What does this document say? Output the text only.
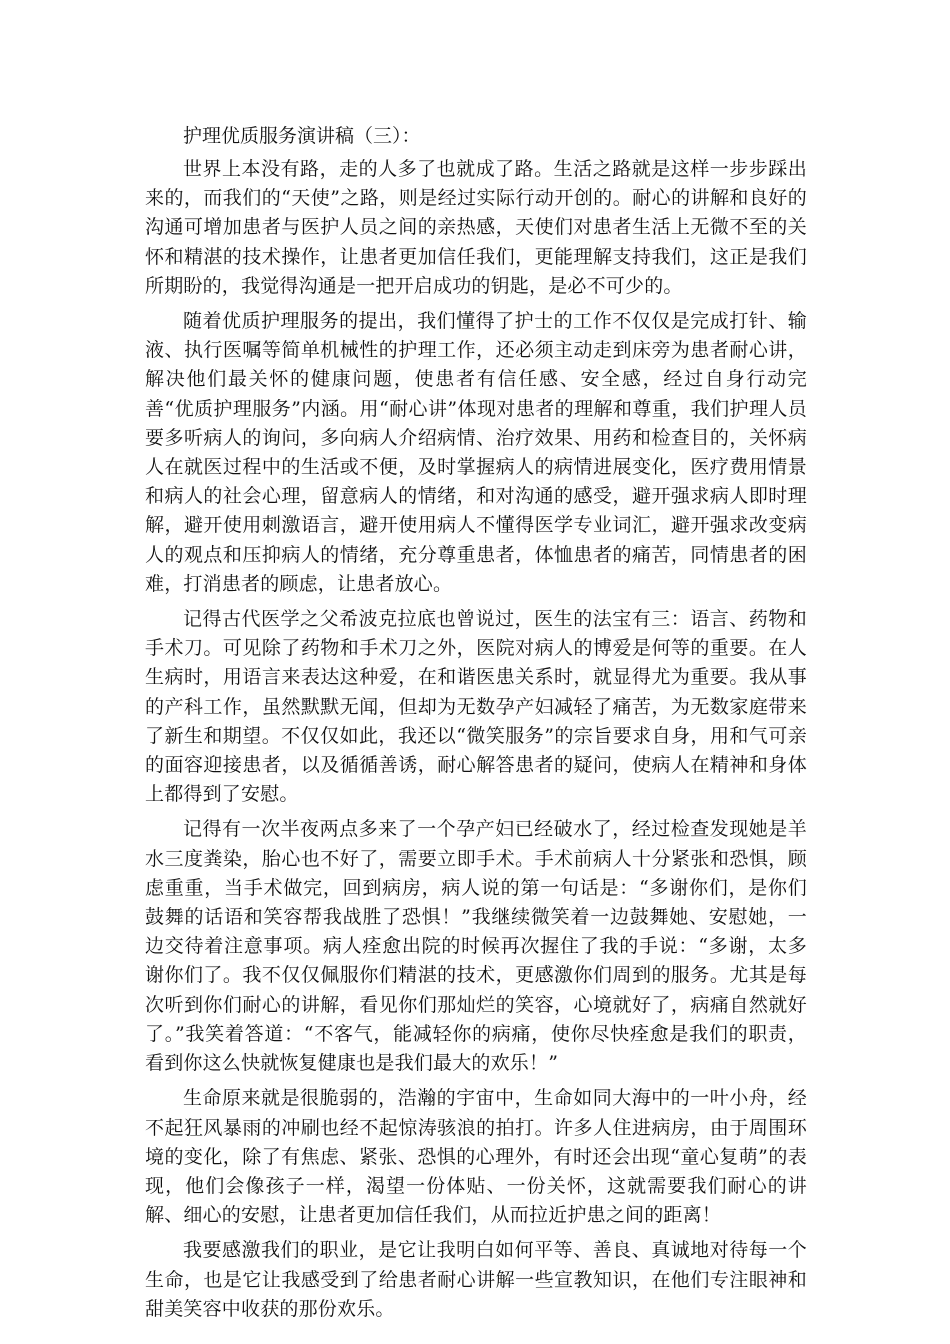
护理优质服务演讲稿（三）：

世界上本没有路，走的人多了也就成了路。生活之路就是这样一步步踩出来的，而我们的“天使”之路，则是经过实际行动开创的。耐心的讲解和良好的沟通可增加患者与医护人员之间的亲热感，天使们对患者生活上无微不至的关怀和精湛的技术操作，让患者更加信任我们，更能理解支持我们，这正是我们所期盼的，我觉得沟通是一把开启成功的钥匙，是必不可少的。

随着优质护理服务的提出，我们懂得了护士的工作不仅仅是完成打针、输液、执行医嘱等简单机械性的护理工作，还必须主动走到床旁为患者耐心讲，解决他们最关怀的健康问题，使患者有信任感、安全感，经过自身行动完善“优质护理服务”内涵。用“耐心讲”体现对患者的理解和尊重，我们护理人员要多听病人的询问，多向病人介绍病情、治疗效果、用药和检查目的，关怀病人在就医过程中的生活或不便，及时掌握病人的病情进展变化，医疗费用情景和病人的社会心理，留意病人的情绪，和对沟通的感受，避开强求病人即时理解，避开使用刺激语言，避开使用病人不懂得医学专业词汇，避开强求改变病人的观点和压抑病人的情绪，充分尊重患者，体恤患者的痛苦，同情患者的困难，打消患者的顾虑，让患者放心。

记得古代医学之父希波克拉底也曾说过，医生的法宝有三：语言、药物和手术刀。可见除了药物和手术刀之外，医院对病人的博爱是何等的重要。在人生病时，用语言来表达这种爱，在和谐医患关系时，就显得尤为重要。我从事的产科工作，虽然默默无闻，但却为无数孕产妇减轻了痛苦，为无数家庭带来了新生和期望。不仅仅如此，我还以“微笑服务”的宗旨要求自身，用和气可亲的面容迎接患者，以及循循善诱，耐心解答患者的疑问，使病人在精神和身体上都得到了安慰。

记得有一次半夜两点多来了一个孕产妇已经破水了，经过检查发现她是羊水三度粪染，胎心也不好了，需要立即手术。手术前病人十分紧张和恐惧，顾虑重重，当手术做完，回到病房，病人说的第一句话是：“多谢你们，是你们鼓舞的话语和笑容帮我战胜了恐惧！”我继续微笑着一边鼓舞她、安慰她，一边交待着注意事项。病人痊愈出院的时候再次握住了我的手说：“多谢，太多谢你们了。我不仅仅佩服你们精湛的技术，更感激你们周到的服务。尤其是每次听到你们耐心的讲解，看见你们那灿烂的笑容，心境就好了，病痛自然就好了。”我笑着答道：“不客气，能减轻你的病痛，使你尽快痊愈是我们的职责，看到你这么快就恢复健康也是我们最大的欢乐！”

生命原来就是很脆弱的，浩瀚的宇宙中，生命如同大海中的一叶小舟，经不起狂风暴雨的冲刷也经不起惊涛骇浪的拍打。许多人住进病房，由于周围环境的变化，除了有焦虑、紧张、恐惧的心理外，有时还会出现“童心复萌”的表现，他们会像孩子一样，渴望一份体贴、一份关怀，这就需要我们耐心的讲解、细心的安慰，让患者更加信任我们，从而拉近护患之间的距离！

我要感激我们的职业，是它让我明白如何平等、善良、真诚地对待每一个生命，也是它让我感受到了给患者耐心讲解一些宣教知识，在他们专注眼神和甜美笑容中收获的那份欢乐。
